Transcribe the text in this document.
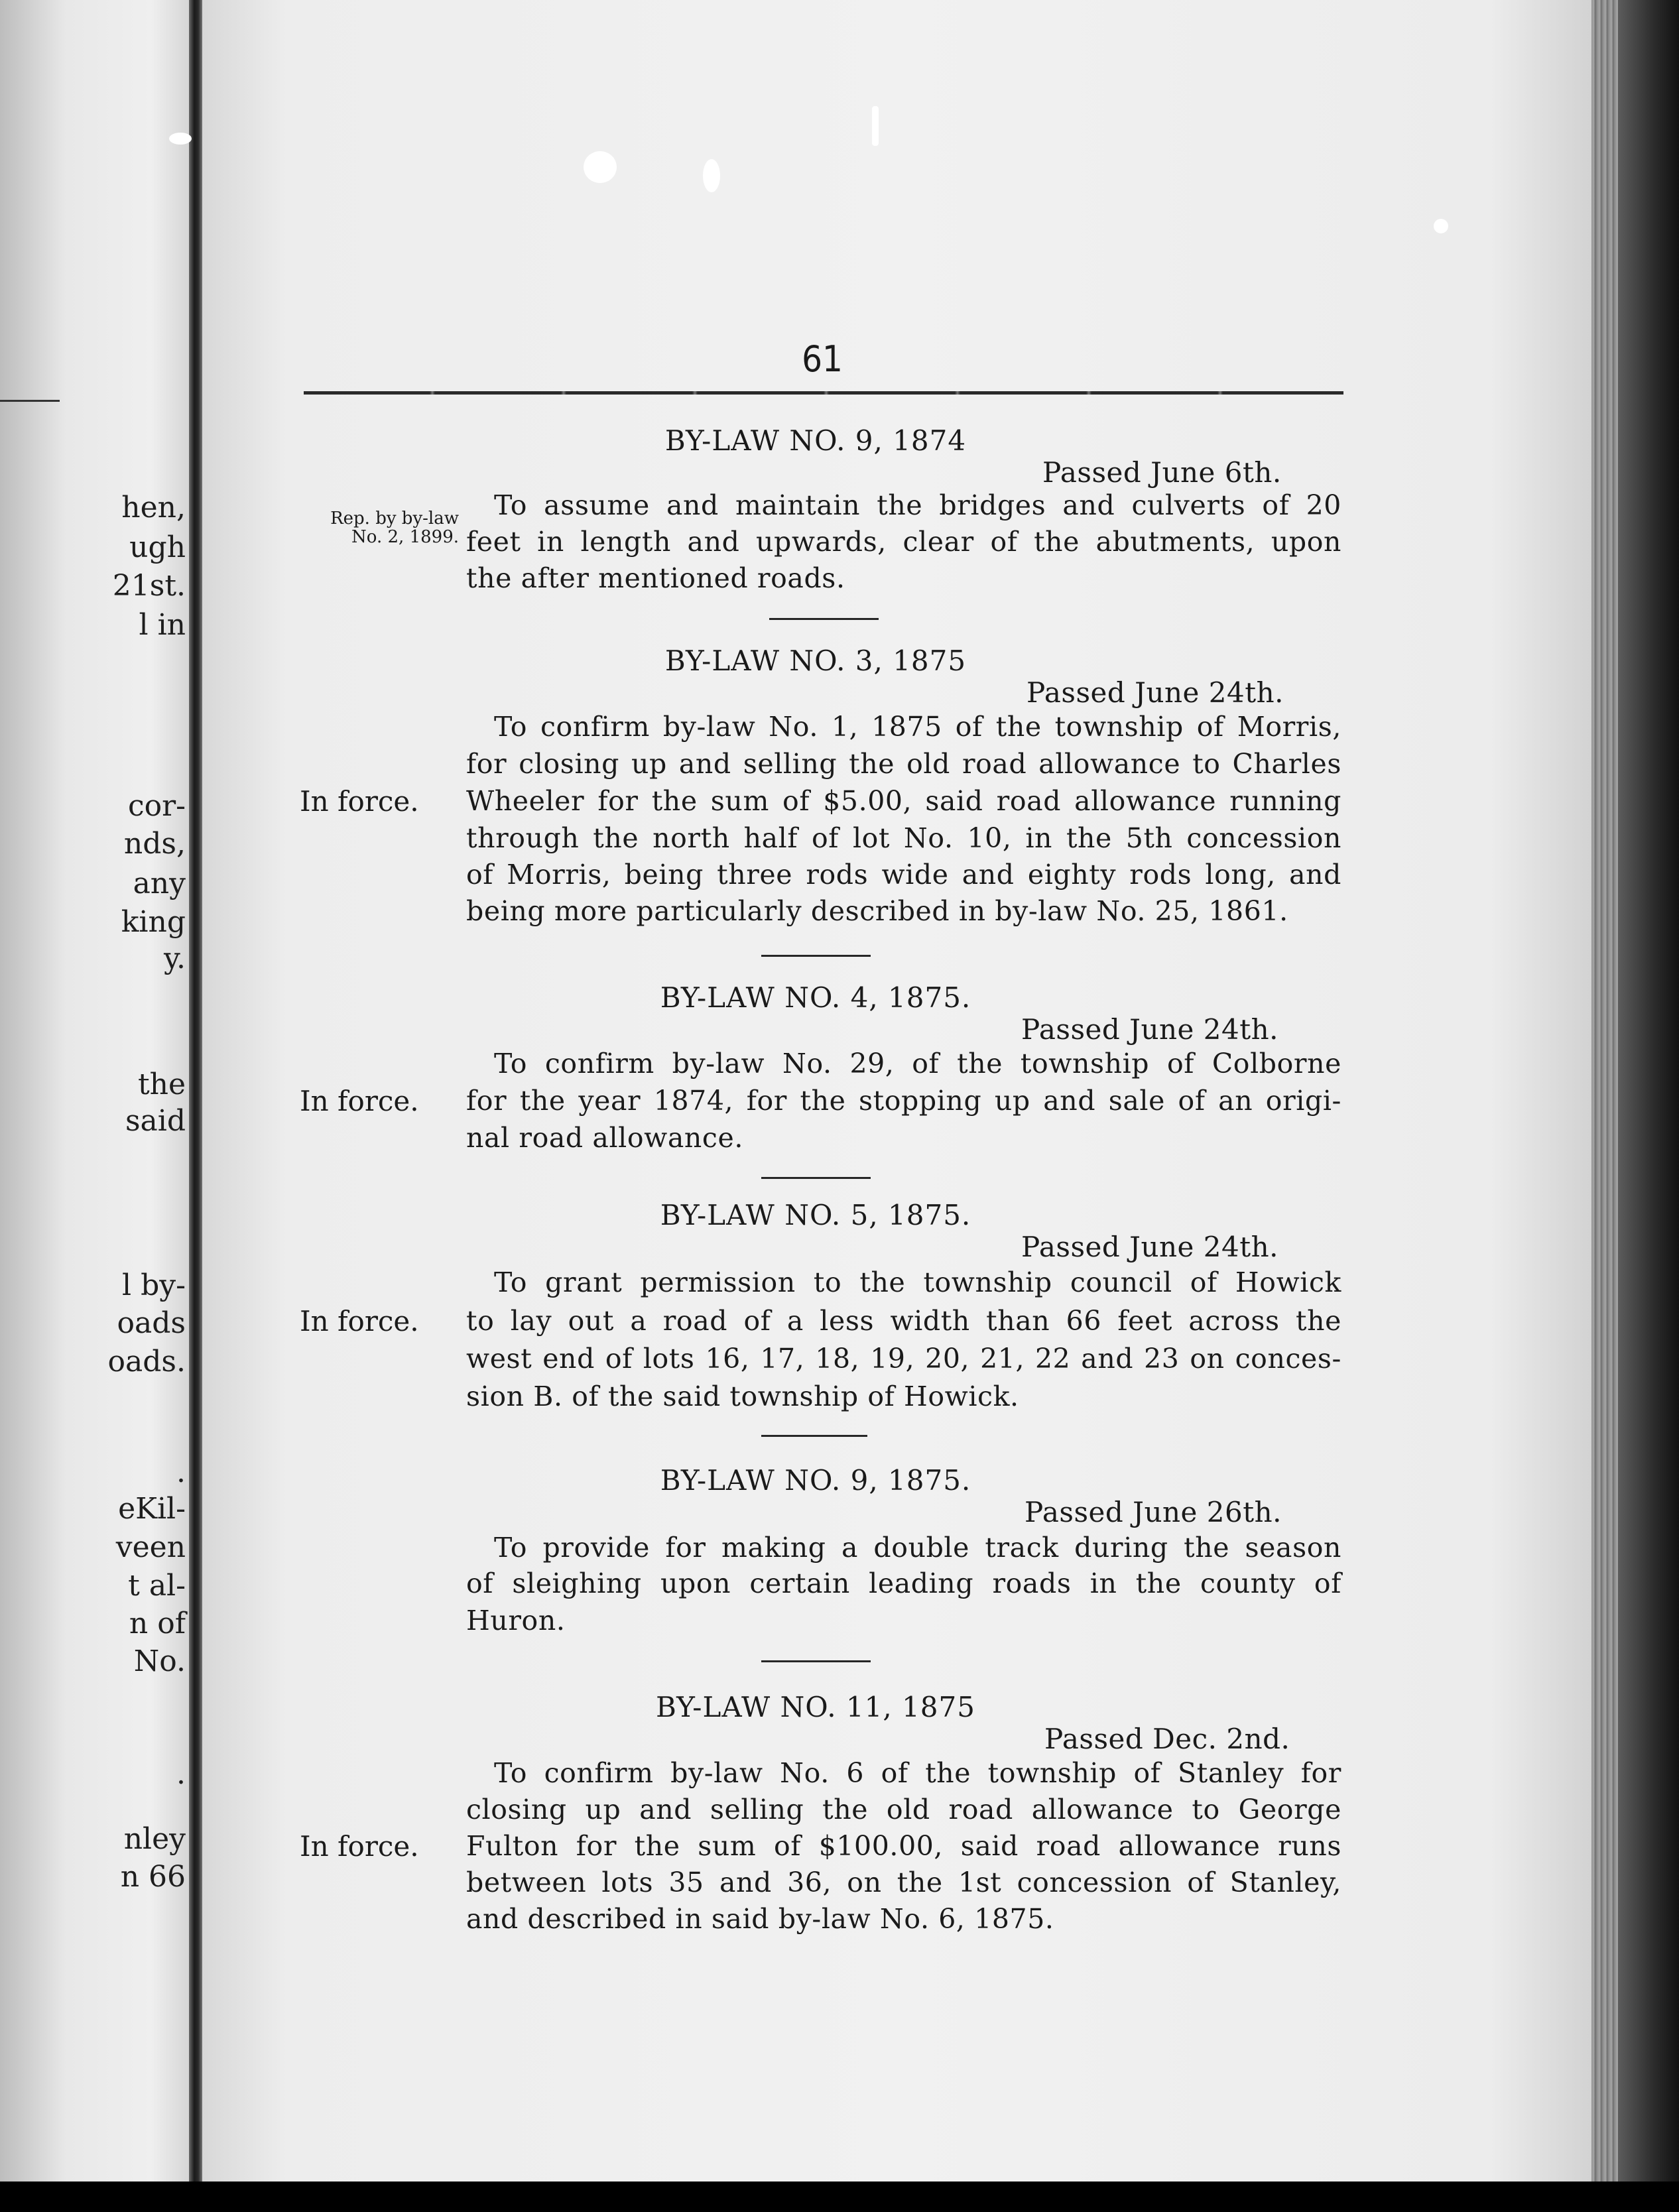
hen,
ugh
21st.
l in
cor-
nds,
any
king
y.
the
said
l by-
oads
oads.
.
eKil-
veen
t al-
n of
No.
.
nley
n 66
61
BY-LAW NO. 9, 1874
Passed June 6th.
Rep. by by-law
No. 2, 1899.
To assume and maintain the bridges and culverts of 20
feet in length and upwards, clear of the abutments, upon
the after mentioned roads.
BY-LAW NO. 3, 1875
Passed June 24th.
To confirm by-law No. 1, 1875 of the township of Morris,
for closing up and selling the old road allowance to Charles
In force. Wheeler for the sum of $5.00, said road allowance running
through the north half of lot No. 10, in the 5th concession
of Morris, being three rods wide and eighty rods long, and
being more particularly described in by-law No. 25, 1861.
BY-LAW NO. 4, 1875.
Passed June 24th.
To confirm by-law No. 29, of the township of Colborne
In force. for the year 1874, for the stopping up and sale of an origi-
nal road allowance.
BY-LAW NO. 5, 1875.
Passed June 24th.
To grant permission to the township council of Howick
In force. to lay out a road of a less width than 66 feet across the
west end of lots 16, 17, 18, 19, 20, 21, 22 and 23 on conces-
sion B. of the said township of Howick.
BY-LAW NO. 9, 1875.
Passed June 26th.
To provide for making a double track during the season
of sleighing upon certain leading roads in the county of
Huron.
BY-LAW NO. 11, 1875
Passed Dec. 2nd.
To confirm by-law No. 6 of the township of Stanley for
closing up and selling the old road allowance to George
In force. Fulton for the sum of $100.00, said road allowance runs
between lots 35 and 36, on the 1st concession of Stanley,
and described in said by-law No. 6, 1875.
